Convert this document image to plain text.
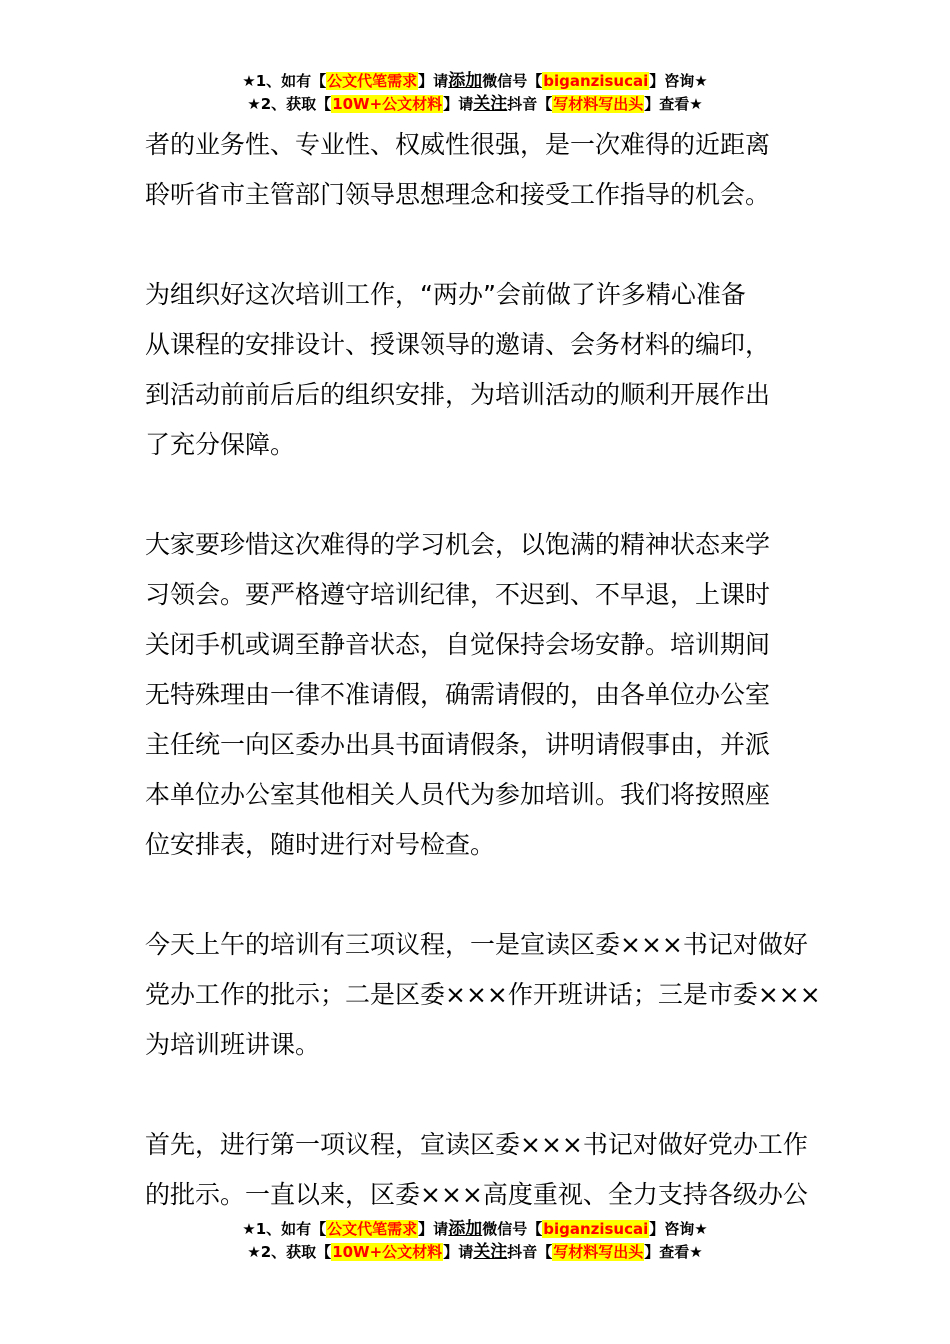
★1、如有【公文代笔需求】请添加微信号【biganzisucai】咨询★
★2、获取【10W+公文材料】请关注抖音【写材料写出头】查看★
者的业务性、专业性、权威性很强，是一次难得的近距离
聆听省市主管部门领导思想理念和接受工作指导的机会。
为组织好这次培训工作，“两办”会前做了许多精心准备
从课程的安排设计、授课领导的邀请、会务材料的编印，
到活动前前后后的组织安排，为培训活动的顺利开展作出
了充分保障。
大家要珍惜这次难得的学习机会，以饱满的精神状态来学
习领会。要严格遵守培训纪律，不迟到、不早退，上课时
关闭手机或调至静音状态，自觉保持会场安静。培训期间
无特殊理由一律不准请假，确需请假的，由各单位办公室
主任统一向区委办出具书面请假条，讲明请假事由，并派
本单位办公室其他相关人员代为参加培训。我们将按照座
位安排表，随时进行对号检查。
今天上午的培训有三项议程，一是宣读区委×××书记对做好
党办工作的批示；二是区委×××作开班讲话；三是市委×××
为培训班讲课。
首先，进行第一项议程，宣读区委×××书记对做好党办工作
的批示。一直以来，区委×××高度重视、全力支持各级办公
★1、如有【公文代笔需求】请添加微信号【biganzisucai】咨询★
★2、获取【10W+公文材料】请关注抖音【写材料写出头】查看★
